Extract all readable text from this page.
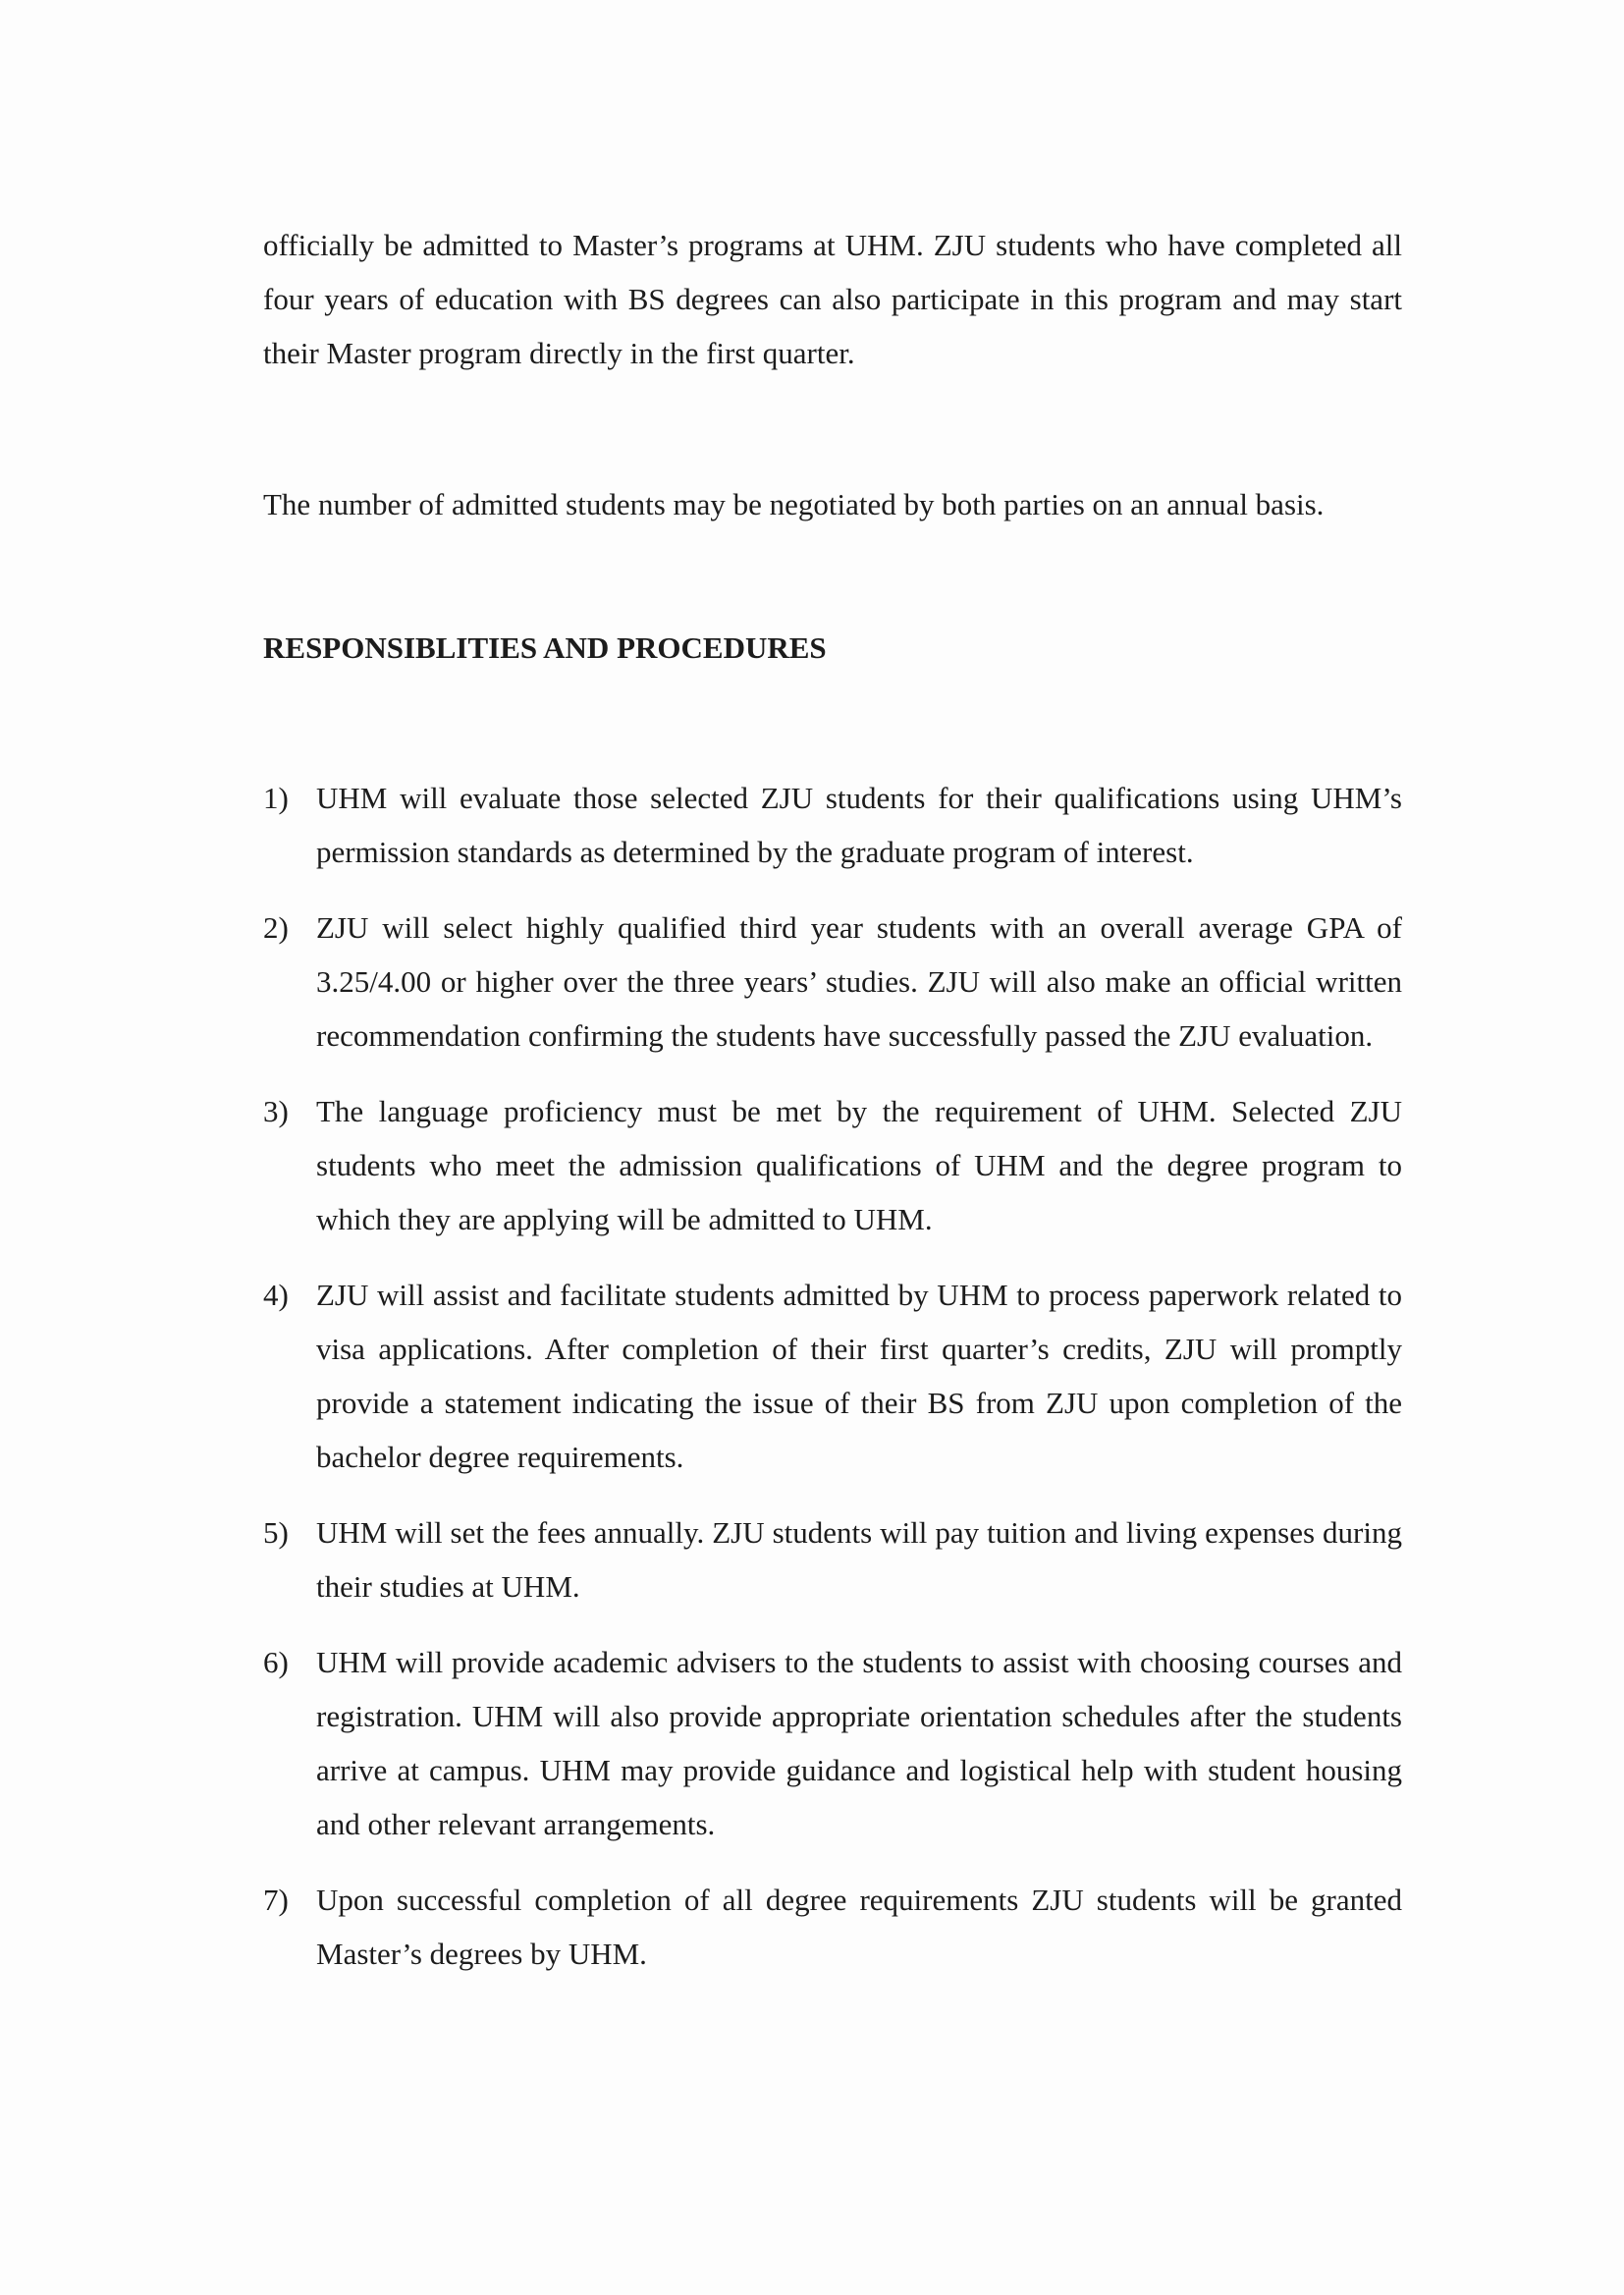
officially be admitted to Master’s programs at UHM. ZJU students who have completed all four years of education with BS degrees can also participate in this program and may start their Master program directly in the first quarter.

The number of admitted students may be negotiated by both parties on an annual basis.

RESPONSIBLITIES AND PROCEDURES
1) UHM will evaluate those selected ZJU students for their qualifications using UHM’s permission standards as determined by the graduate program of interest.
2) ZJU will select highly qualified third year students with an overall average GPA of 3.25/4.00 or higher over the three years’ studies. ZJU will also make an official written recommendation confirming the students have successfully passed the ZJU evaluation.
3) The language proficiency must be met by the requirement of UHM. Selected ZJU students who meet the admission qualifications of UHM and the degree program to which they are applying will be admitted to UHM.
4) ZJU will assist and facilitate students admitted by UHM to process paperwork related to visa applications. After completion of their first quarter’s credits, ZJU will promptly provide a statement indicating the issue of their BS from ZJU upon completion of the bachelor degree requirements.
5) UHM will set the fees annually. ZJU students will pay tuition and living expenses during their studies at UHM.
6) UHM will provide academic advisers to the students to assist with choosing courses and registration. UHM will also provide appropriate orientation schedules after the students arrive at campus. UHM may provide guidance and logistical help with student housing and other relevant arrangements.
7) Upon successful completion of all degree requirements ZJU students will be granted Master’s degrees by UHM.
